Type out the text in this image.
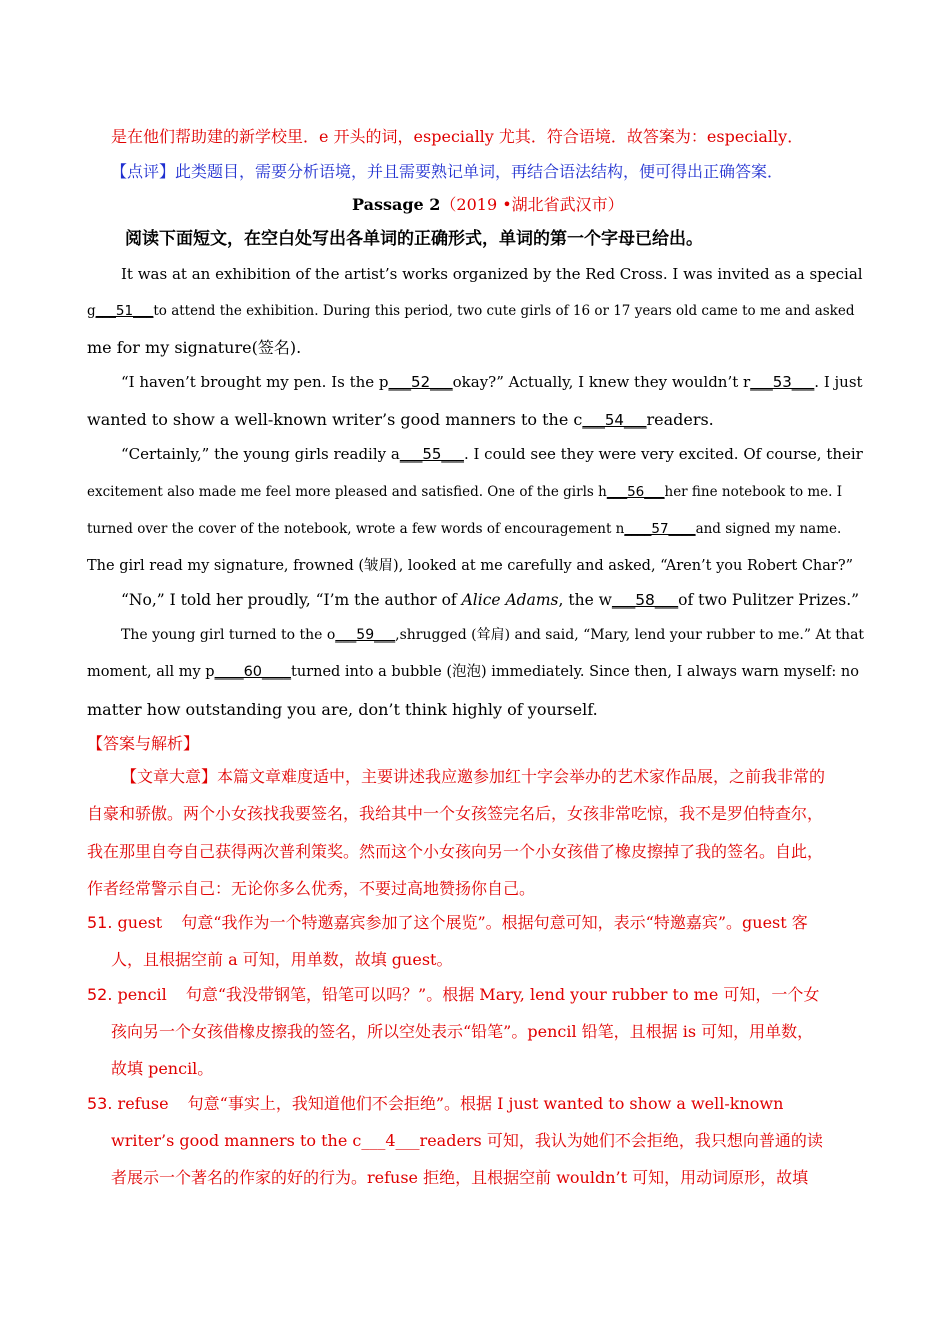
是在他们帮助建的新学校里．e 开头的词，especially 尤其．符合语境．故答案为：especially．
【点评】此类题目，需要分析语境，并且需要熟记单词，再结合语法结构，便可得出正确答案．
Passage 2（2019 •湖北省武汉市）
阅读下面短文，在空白处写出各单词的正确形式，单词的第一个字母已给出。
It was at an exhibition of the artist’s works organized by the Red Cross. I was invited as a special
g___51___to attend the exhibition. During this period, two cute girls of 16 or 17 years old came to me and asked
me for my signature(签名).
“I haven’t brought my pen. Is the p___52___okay?” Actually, I knew they wouldn’t r___53___. I just
wanted to show a well-known writer’s good manners to the c___54___readers.
“Certainly,” the young girls readily a___55___. I could see they were very excited. Of course, their
excitement also made me feel more pleased and satisfied. One of the girls h___56___her fine notebook to me. I
turned over the cover of the notebook, wrote a few words of encouragement n____57____and signed my name.
The girl read my signature, frowned (皱眉), looked at me carefully and asked, “Aren’t you Robert Char?”
“No,” I told her proudly, “I’m the author of Alice Adams, the w___58___of two Pulitzer Prizes.”
The young girl turned to the o___59___,shrugged (耸肩) and said, “Mary, lend your rubber to me.” At that
moment, all my p____60____turned into a bubble (泡泡) immediately. Since then, I always warn myself: no
matter how outstanding you are, don’t think highly of yourself.
【答案与解析】
【文章大意】本篇文章难度适中，主要讲述我应邀参加红十字会举办的艺术家作品展，之前我非常的
自豪和骄傲。两个小女孩找我要签名，我给其中一个女孩签完名后，女孩非常吃惊，我不是罗伯特查尔，
我在那里自夸自己获得两次普利策奖。然而这个小女孩向另一个小女孩借了橡皮擦掉了我的签名。自此，
作者经常警示自己：无论你多么优秀，不要过高地赞扬你自己。
51. guest 句意“我作为一个特邀嘉宾参加了这个展览”。根据句意可知，表示“特邀嘉宾”。guest 客
人，且根据空前 a 可知，用单数，故填 guest。
52. pencil 句意“我没带钢笔，铅笔可以吗？”。根据 Mary, lend your rubber to me 可知，一个女
孩向另一个女孩借橡皮擦我的签名，所以空处表示“铅笔”。pencil 铅笔，且根据 is 可知，用单数，
故填 pencil。
53. refuse 句意“事实上，我知道他们不会拒绝”。根据 I just wanted to show a well-known
writer’s good manners to the c___4___readers 可知，我认为她们不会拒绝，我只想向普通的读
者展示一个著名的作家的好的行为。refuse 拒绝，且根据空前 wouldn’t 可知，用动词原形，故填
